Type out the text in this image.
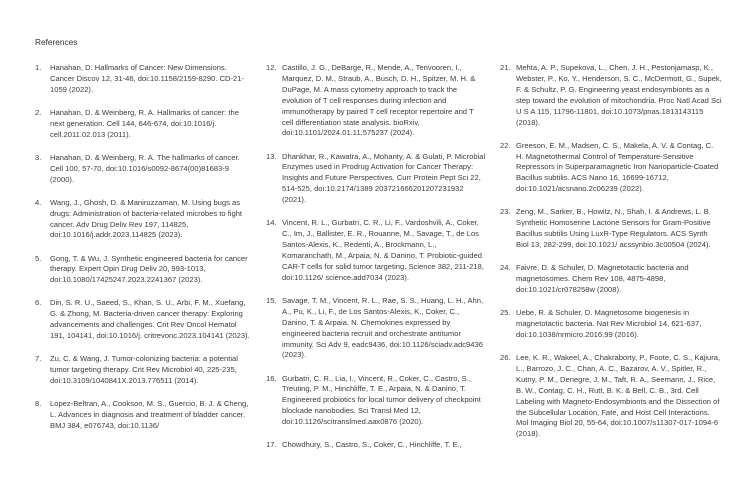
References
1.	Hanahan, D. Hallmarks of Cancer: New Dimensions. Cancer Discov 12, 31-46, doi:10.1158/2159-8290. CD-21-1059 (2022).
2.	Hanahan, D. & Weinberg, R. A. Hallmarks of cancer: the next generation. Cell 144, 646-674, doi:10.1016/j. cell.2011.02.013 (2011).
3.	Hanahan, D. & Weinberg, R. A. The hallmarks of cancer. Cell 100, 57-70, doi:10.1016/s0092-8674(00)81683-9 (2000).
4.	Wang, J., Ghosh, D. & Maniruzzaman, M. Using bugs as drugs: Administration of bacteria-related microbes to fight cancer. Adv Drug Deliv Rev 197, 114825, doi:10.1016/j.addr.2023.114825 (2023).
5.	Gong, T. & Wu, J. Synthetic engineered bacteria for cancer therapy. Expert Opin Drug Deliv 20, 993-1013, doi:10.1080/17425247.2023.2241367 (2023).
6.	Din, S. R. U., Saeed, S., Khan, S. U., Arbi, F. M., Xuefang, G. & Zhong, M. Bacteria-driven cancer therapy: Exploring advancements and challenges. Crit Rev Oncol Hematol 191, 104141, doi:10.1016/j. critrevonc.2023.104141 (2023).
7.	Zu, C. & Wang, J. Tumor-colonizing bacteria: a potential tumor targeting therapy. Crit Rev Microbiol 40, 225-235, doi:10.3109/1040841X.2013.776511 (2014).
8.	Lopez-Beltran, A., Cookson, M. S., Guercio, B. J. & Cheng, L. Advances in diagnosis and treatment of bladder cancer. BMJ 384, e076743, doi:10.1136/
12. Castillo, J. G., DeBarge, R., Mende, A., Tenvooren, I., Marquez, D. M., Straub, A., Busch, D. H., Spitzer, M. H. & DuPage, M. A mass cytometry approach to track the evolution of T cell responses during infection and immunotherapy by paired T cell receptor repertoire and T cell differentiation state analysis. bioRxiv, doi:10.1101/2024.01.11.575237 (2024).
13. Dhankhar, R., Kawatra, A., Mohanty, A. & Gulati, P. Microbial Enzymes used in Prodrug Activation for Cancer Therapy: Insights and Future Perspectives. Curr Protein Pept Sci 22, 514-525, doi:10.2174/1389 203721666201207231932 (2021).
14. Vincent, R. L., Gurbatri, C. R., Li, F., Vardoshvili, A., Coker, C., Im, J., Ballister, E. R., Rouanne, M., Savage, T., de Los Santos-Alexis, K., Redenti, A., Brockmann, L., Komaranchath, M., Arpaia, N. & Danino, T. Probiotic-guided CAR-T cells for solid tumor targeting. Science 382, 211-218, doi:10.1126/ science.add7034 (2023).
15. Savage, T. M., Vincent, R. L., Rae, S. S., Huang, L. H., Ahn, A., Pu, K., Li, F., de Los Santos-Alexis, K., Coker, C., Danino, T. & Arpaia, N. Chemokines expressed by engineered bacteria recruit and orchestrate antitumor immunity. Sci Adv 9, eadc9436, doi:10.1126/sciadv.adc9436 (2023).
16. Gurbatri, C. R., Lia, I., Vincent, R., Coker, C., Castro, S., Treuting, P. M., Hinchliffe, T. E., Arpaia, N. & Danino, T. Engineered probiotics for local tumor delivery of checkpoint blockade nanobodies. Sci Transl Med 12, doi:10.1126/scitranslmed.aax0876 (2020).
17. Chowdhury, S., Castro, S., Coker, C., Hinchliffe, T. E.,
21. Mehta, A. P., Supekova, L., Chen, J. H., Pestonjamasp, K., Webster, P., Ko, Y., Henderson, S. C., McDermott, G., Supek, F. & Schultz, P. G. Engineering yeast endosymbionts as a step toward the evolution of mitochondria. Proc Natl Acad Sci U S A 115, 11796-11801, doi:10.1073/pnas.1813143115 (2018).
22. Greeson, E. M., Madsen, C. S., Makela, A. V. & Contag, C. H. Magnetothermal Control of Temperature-Sensitive Repressors in Superparamagnetic Iron Nanoparticle-Coated Bacillus subtilis. ACS Nano 16, 16699-16712, doi:10.1021/acsnano.2c06239 (2022).
23. Zeng, M., Sarker, B., Howitz, N., Shah, I. & Andrews, L. B. Synthetic Homoserine Lactone Sensors for Gram-Positive Bacillus subtilis Using LuxR-Type Regulators. ACS Synth Biol 13, 282-299, doi:10.1021/ acssynbio.3c00504 (2024).
24. Faivre, D. & Schuler, D. Magnetotactic bacteria and magnetosomes. Chem Rev 108, 4875-4898, doi:10.1021/cr078258w (2008).
25. Uebe, R. & Schuler, D. Magnetosome biogenesis in magnetotactic bacteria. Nat Rev Microbiol 14, 621-637, doi:10.1038/nrmicro.2016.99 (2016).
26. Lee, K. R., Wakeel, A., Chakraborty, P., Foote, C. S., Kajiura, L., Barrozo, J. C., Chan, A. C., Bazarov, A. V., Spitler, R., Kutny, P. M., Denegre, J. M., Taft, R. A., Seemann, J., Rice, B. W., Contag, C. H., Rutt, B. K. & Bell, C. B., 3rd. Cell Labeling with Magneto-Endosymbionts and the Dissection of the Subcellular Location, Fate, and Host Cell Interactions. Mol Imaging Biol 20, 55-64, doi:10.1007/s11307-017-1094-6 (2018).
